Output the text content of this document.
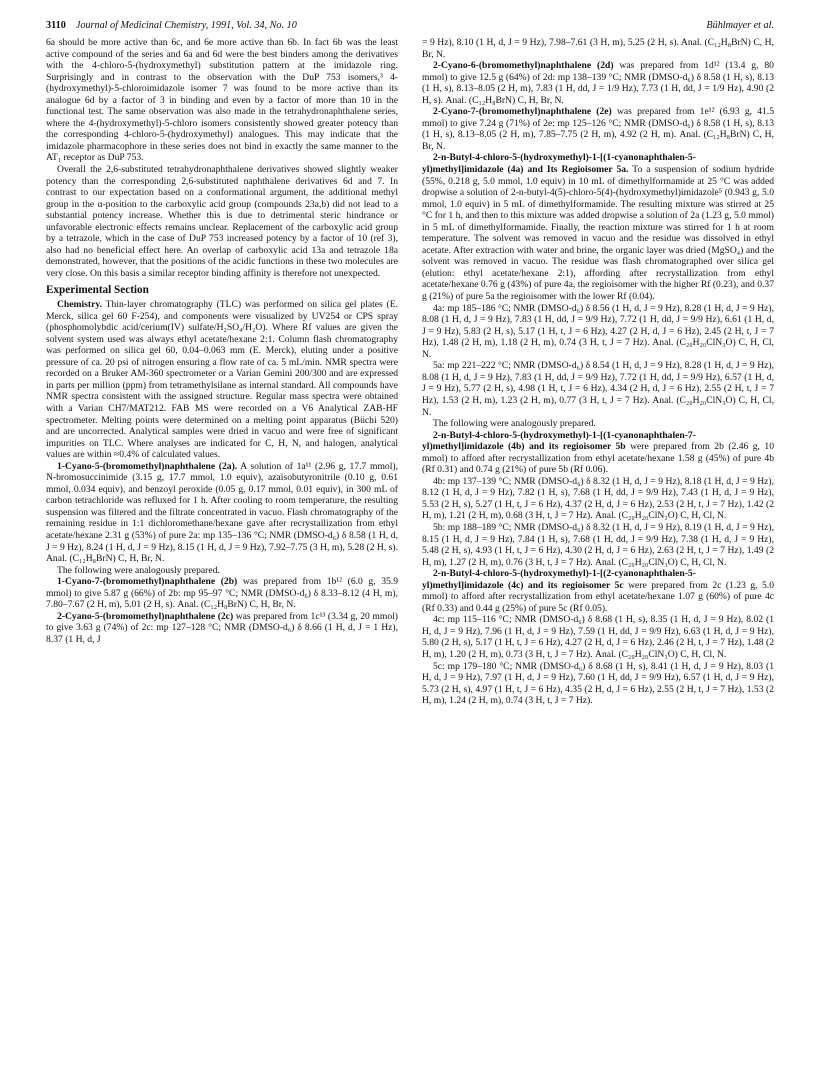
3110 Journal of Medicinal Chemistry, 1991, Vol. 34, No. 10	Bühlmayer et al.

6a should be more active than 6c, and 6e more active than 6b. In fact 6b was the least active compound of the series and 6a and 6d were the best binders among the derivatives with the 4-chloro-5-(hydroxymethyl) substitution pattern at the imidazole ring. Surprisingly and in contrast to the observation with the DuP 753 isomers,³ 4-(hydroxymethyl)-5-chloroimidazole isomer 7 was found to be more active than its analogue 6d by a factor of 3 in binding and even by a factor of more than 10 in the functional test. The same observation was also made in the tetrahydronaphthalene series, where the 4-(hydroxymethyl)-5-chloro isomers consistently showed greater potency than the corresponding 4-chloro-5-(hydroxymethyl) analogues. This may indicate that the imidazole pharmacophore in these series does not bind in exactly the same manner to the AT₁ receptor as DuP 753.

Overall the 2,6-substituted tetrahydronaphthalene derivatives showed slightly weaker potency than the corresponding 2,6-substituted naphthalene derivatives 6d and 7. In contrast to our expectation based on a conformational argument, the additional methyl group in the α-position to the carboxylic acid group (compounds 23a,b) did not lead to a substantial potency increase. Whether this is due to detrimental steric hindrance or unfavorable electronic effects remains unclear. Replacement of the carboxylic acid group by a tetrazole, which in the case of DuP 753 increased potency by a factor of 10 (ref 3), also had no beneficial effect here. An overlap of carboxylic acid 13a and tetrazole 18a demonstrated, however, that the positions of the acidic functions in these two molecules are very close. On this basis a similar receptor binding affinity is therefore not unexpected.

Experimental Section

Chemistry. Thin-layer chromatography (TLC) was performed on silica gel plates (E. Merck, silica gel 60 F-254), and components were visualized by UV254 or CPS spray (phosphomolybdic acid/cerium(IV) sulfate/H₂SO₄/H₂O). Where Rf values are given the solvent system used was always ethyl acetate/hexane 2:1. Column flash chromatography was performed on silica gel 60, 0.04–0.063 mm (E. Merck), eluting under a positive pressure of ca. 20 psi of nitrogen ensuring a flow rate of ca. 5 mL/min. NMR spectra were recorded on a Bruker AM-360 spectrometer or a Varian Gemini 200/300 and are expressed in parts per million (ppm) from tetramethylsilane as internal standard. All compounds have NMR spectra consistent with the assigned structure. Regular mass spectra were obtained with a Varian CH7/MAT212. FAB MS were recorded on a V6 Analytical ZAB-HF spectrometer. Melting points were determined on a melting point apparatus (Büchi 520) and are uncorrected. Analytical samples were dried in vacuo and were free of significant impurities on TLC. Where analyses are indicated for C, H, N, and halogen, analytical values are within ≈0.4% of calculated values.

1-Cyano-5-(bromomethyl)naphthalene (2a). A solution of 1a¹¹ (2.96 g, 17.7 mmol), N-bromosuccinimide (3.15 g, 17.7 mmol, 1.0 equiv), azaisobutyronitrile (0.10 g, 0.61 mmol, 0.034 equiv), and benzoyl peroxide (0.05 g, 0.17 mmol, 0.01 equiv), in 300 mL of carbon tetrachloride was refluxed for 1 h. After cooling to room temperature, the resulting suspension was filtered and the filtrate concentrated in vacuo. Flash chromatography of the remaining residue in 1:1 dichloromethane/hexane gave after recrystallization from ethyl acetate/hexane 2.31 g (53%) of pure 2a: mp 135–136 °C; NMR (DMSO-d₆) δ 8.58 (1 H, d, J = 9 Hz), 8.24 (1 H, d, J = 9 Hz), 8.15 (1 H, d, J = 9 Hz), 7.92–7.75 (3 H, m), 5.28 (2 H, s). Anal. (C₁₂H₈BrN) C, H, Br, N.

The following were analogously prepared.

1-Cyano-7-(bromomethyl)naphthalene (2b) was prepared from 1b¹² (6.0 g, 35.9 mmol) to give 5.87 g (66%) of 2b: mp 95–97 °C; NMR (DMSO-d₆) δ 8.33–8.12 (4 H, m), 7.80–7.67 (2 H, m), 5.01 (2 H, s). Anal. (C₁₂H₈BrN) C, H, Br, N.

2-Cyano-5-(bromomethyl)naphthalene (2c) was prepared from 1c¹³ (3.34 g, 20 mmol) to give 3.63 g (74%) of 2c: mp 127–128 °C; NMR (DMSO-d₆) δ 8.66 (1 H, d, J = 1 Hz), 8.37 (1 H, d, J

= 9 Hz), 8.10 (1 H, d, J = 9 Hz), 7.98–7.61 (3 H, m), 5.25 (2 H, s). Anal. (C₁₂H₈BrN) C, H, Br, N.

2-Cyano-6-(bromomethyl)naphthalene (2d) was prepared from 1d¹² (13.4 g, 80 mmol) to give 12.5 g (64%) of 2d: mp 138–139 °C; NMR (DMSO-d₆) δ 8.58 (1 H, s), 8.13 (1 H, s), 8.13–8.05 (2 H, m), 7.83 (1 H, dd, J = 1/9 Hz), 7.73 (1 H, dd, J = 1/9 Hz), 4.90 (2 H, s). Anal. (C₁₂H₈BrN) C, H, Br, N.

2-Cyano-7-(bromomethyl)naphthalene (2e) was prepared from 1e¹² (6.93 g, 41.5 mmol) to give 7.24 g (71%) of 2e: mp 125–126 °C; NMR (DMSO-d₆) δ 8.58 (1 H, s), 8.13 (1 H, s), 8.13–8.05 (2 H, m), 7.85–7.75 (2 H, m), 4.92 (2 H, m). Anal. (C₁₂H₈BrN) C, H, Br, N.

2-n-Butyl-4-chloro-5-(hydroxymethyl)-1-[(1-cyanonaphthalen-5-yl)methyl]imidazole (4a) and Its Regioisomer 5a. To a suspension of sodium hydride (55%, 0.218 g, 5.0 mmol, 1.0 equiv) in 10 mL of dimethylformamide at 25 °C was added dropwise a solution of 2-n-butyl-4(5)-chloro-5(4)-(hydroxymethyl)imidazole⁵ (0.943 g, 5.0 mmol, 1.0 equiv) in 5 mL of dimethylformamide. The resulting mixture was stirred at 25 °C for 1 h, and then to this mixture was added dropwise a solution of 2a (1.23 g, 5.0 mmol) in 5 mL of dimethylformamide. Finally, the reaction mixture was stirred for 1 h at room temperature. The solvent was removed in vacuo and the residue was dissolved in ethyl acetate. After extraction with water and brine, the organic layer was dried (MgSO₄) and the solvent was removed in vacuo. The residue was flash chromatographed over silica gel (elution: ethyl acetate/hexane 2:1), affording after recrystallization from ethyl acetate/hexane 0.76 g (43%) of pure 4a, the regioisomer with the higher Rf (0.23), and 0.37 g (21%) of pure 5a the regioisomer with the lower Rf (0.04).

4a: mp 185–186 °C; NMR (DMSO-d₆) δ 8.56 (1 H, d, J = 9 Hz), 8.28 (1 H, d, J = 9 Hz), 8.08 (1 H, d, J = 9 Hz), 7.83 (1 H, dd, J = 9/9 Hz), 7.72 (1 H, dd, J = 9/9 Hz), 6.61 (1 H, d, J = 9 Hz), 5.83 (2 H, s), 5.17 (1 H, t, J = 6 Hz), 4.27 (2 H, d, J = 6 Hz), 2.45 (2 H, t, J = 7 Hz), 1.48 (2 H, m), 1.18 (2 H, m), 0.74 (3 H, t, J = 7 Hz). Anal. (C₂₀H₂₀ClN₃O) C, H, Cl, N.

5a: mp 221–222 °C; NMR (DMSO-d₆) δ 8.54 (1 H, d, J = 9 Hz), 8.28 (1 H, d, J = 9 Hz), 8.08 (1 H, d, J = 9 Hz), 7.83 (1 H, dd, J = 9/9 Hz), 7.72 (1 H, dd, J = 9/9 Hz), 6.57 (1 H, d, J = 9 Hz), 5.77 (2 H, s), 4.98 (1 H, t, J = 6 Hz), 4.34 (2 H, d, J = 6 Hz), 2.55 (2 H, t, J = 7 Hz), 1.53 (2 H, m), 1.23 (2 H, m), 0.77 (3 H, t, J = 7 Hz). Anal. (C₂₀H₂₀ClN₃O) C, H, Cl, N.

The following were analogously prepared.

2-n-Butyl-4-chloro-5-(hydroxymethyl)-1-[(1-cyanonaphthalen-7-yl)methyl]imidazole (4b) and its regioisomer 5b were prepared from 2b (2.46 g, 10 mmol) to afford after recrystallization from ethyl acetate/hexane 1.58 g (45%) of pure 4b (Rf 0.31) and 0.74 g (21%) of pure 5b (Rf 0.06).

4b: mp 137–139 °C; NMR (DMSO-d₆) δ 8.32 (1 H, d, J = 9 Hz), 8.18 (1 H, d, J = 9 Hz), 8.12 (1 H, d, J = 9 Hz), 7.82 (1 H, s), 7.68 (1 H, dd, J = 9/9 Hz), 7.43 (1 H, d, J = 9 Hz), 5.53 (2 H, s), 5.27 (1 H, t, J = 6 Hz), 4.37 (2 H, d, J = 6 Hz), 2.53 (2 H, t, J = 7 Hz), 1.42 (2 H, m), 1.21 (2 H, m), 0.68 (3 H, t, J = 7 Hz). Anal. (C₂₀H₂₀ClN₃O) C, H, Cl, N.

5b: mp 188–189 °C; NMR (DMSO-d₆) δ 8.32 (1 H, d, J = 9 Hz), 8.19 (1 H, d, J = 9 Hz), 8.15 (1 H, d, J = 9 Hz), 7.84 (1 H, s), 7.68 (1 H, dd, J = 9/9 Hz), 7.38 (1 H, d, J = 9 Hz), 5.48 (2 H, s), 4.93 (1 H, t, J = 6 Hz), 4.30 (2 H, d, J = 6 Hz), 2.63 (2 H, t, J = 7 Hz), 1.49 (2 H, m), 1.27 (2 H, m), 0.76 (3 H, t, J = 7 Hz). Anal. (C₂₀H₂₀ClN₃O) C, H, Cl, N.

2-n-Butyl-4-chloro-5-(hydroxymethyl)-1-[(2-cyanonaphthalen-5-yl)methyl]imidazole (4c) and its regioisomer 5c were prepared from 2c (1.23 g, 5.0 mmol) to afford after recrystallization from ethyl acetate/hexane 1.07 g (60%) of pure 4c (Rf 0.33) and 0.44 g (25%) of pure 5c (Rf 0.05).

4c: mp 115–116 °C; NMR (DMSO-d₆) δ 8.68 (1 H, s), 8.35 (1 H, d, J = 9 Hz), 8.02 (1 H, d, J = 9 Hz), 7.96 (1 H, d, J = 9 Hz), 7.59 (1 H, dd, J = 9/9 Hz), 6.63 (1 H, d, J = 9 Hz), 5.80 (2 H, s), 5.17 (1 H, t, J = 6 Hz), 4.27 (2 H, d, J = 6 Hz), 2.46 (2 H, t, J = 7 Hz), 1.48 (2 H, m), 1.20 (2 H, m), 0.73 (3 H, t, J = 7 Hz). Anal. (C₂₀H₂₀ClN₃O) C, H, Cl, N.

5c: mp 179–180 °C; NMR (DMSO-d₆) δ 8.68 (1 H, s), 8.41 (1 H, d, J = 9 Hz), 8.03 (1 H, d, J = 9 Hz), 7.97 (1 H, d, J = 9 Hz), 7.60 (1 H, dd, J = 9/9 Hz), 6.57 (1 H, d, J = 9 Hz), 5.73 (2 H, s), 4.97 (1 H, t, J = 6 Hz), 4.35 (2 H, d, J = 6 Hz), 2.55 (2 H, t, J = 7 Hz), 1.53 (2 H, m), 1.24 (2 H, m), 0.74 (3 H, t, J = 7 Hz).
